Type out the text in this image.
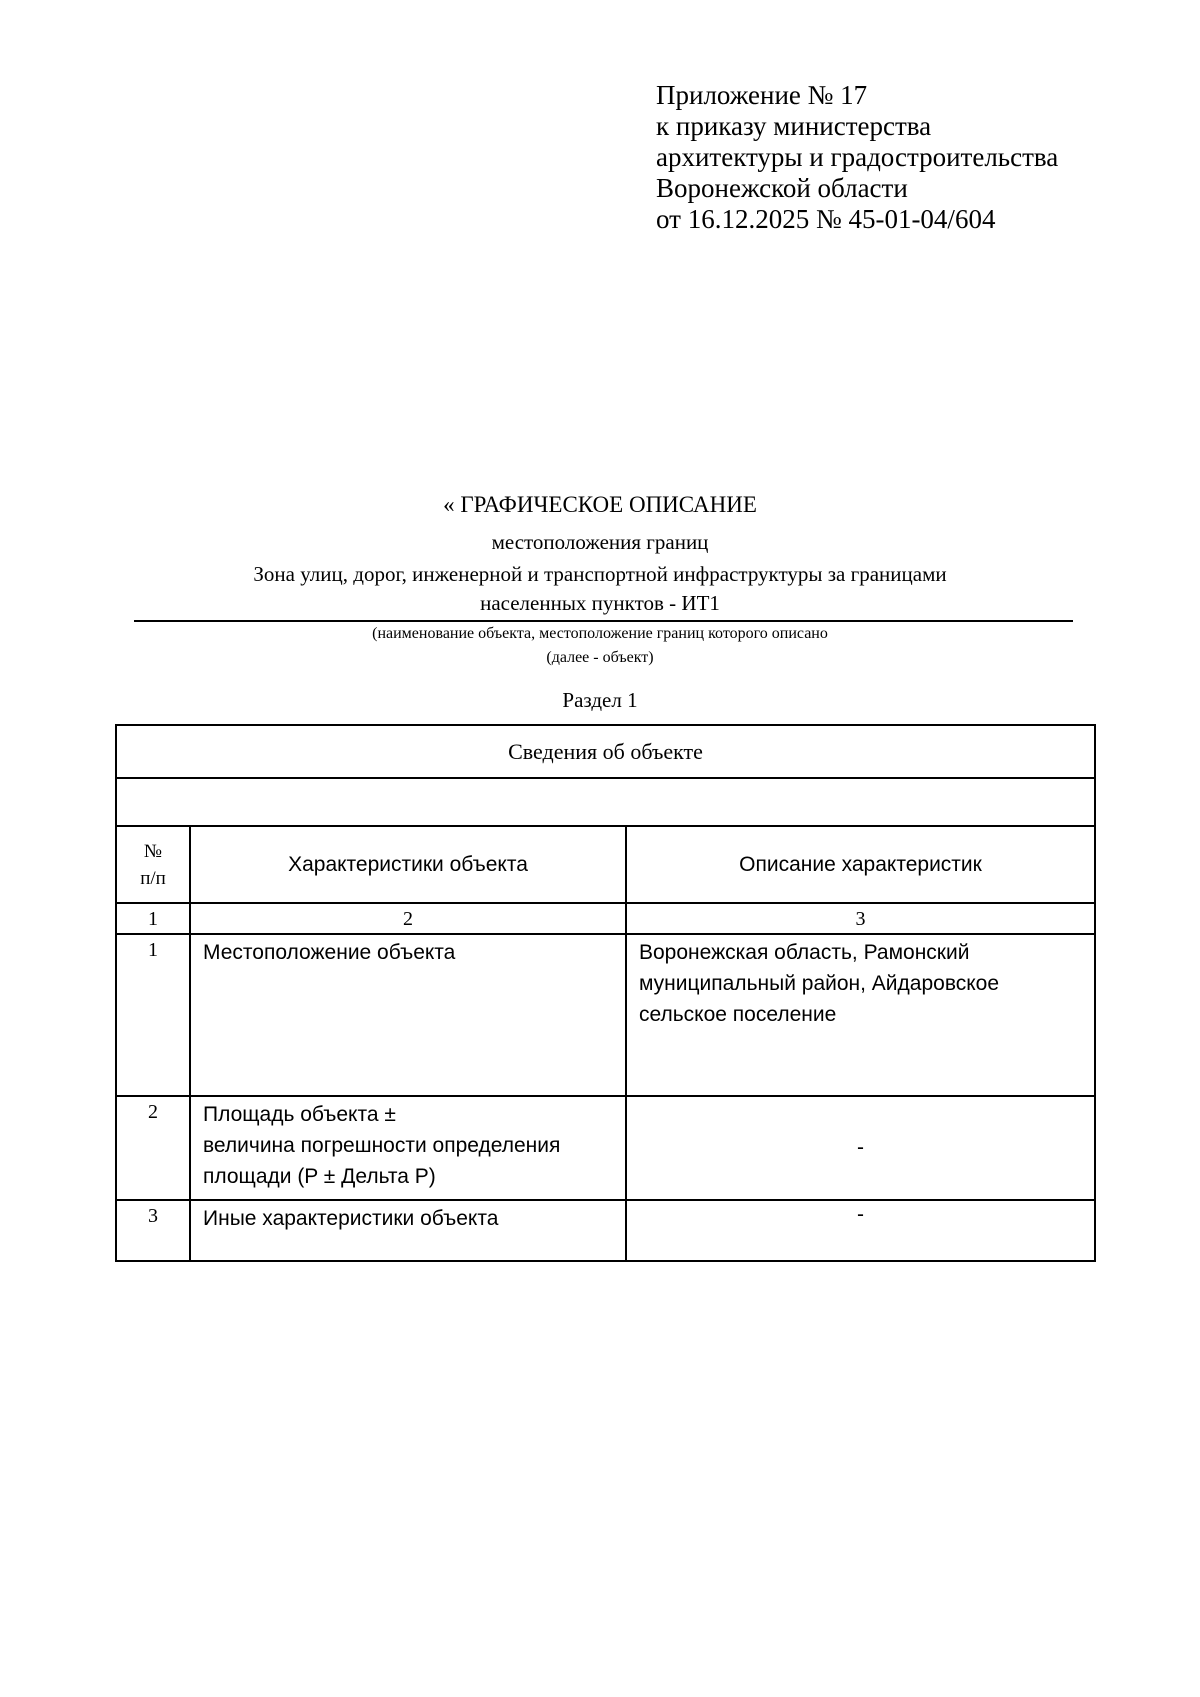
Приложение № 17
к приказу министерства
архитектуры и градостроительства
Воронежской области
от 16.12.2025 № 45-01-04/604
« ГРАФИЧЕСКОЕ ОПИСАНИЕ
местоположения границ
Зона улиц, дорог, инженерной и транспортной инфраструктуры за границами
населенных пунктов - ИТ1
(наименование объекта, местоположение границ которого описано
(далее - объект)
Раздел 1
Сведения об объекте		

№
п/п	Характеристики объекта	Описание характеристик
1	2	3
1	Местоположение объекта	Воронежская область, Рамонский
муниципальный район, Айдаровское
сельское поселение

2	Площадь объекта ±
величина погрешности определения
площади (P ± Дельта P)	-
3	Иные характеристики объекта	-
